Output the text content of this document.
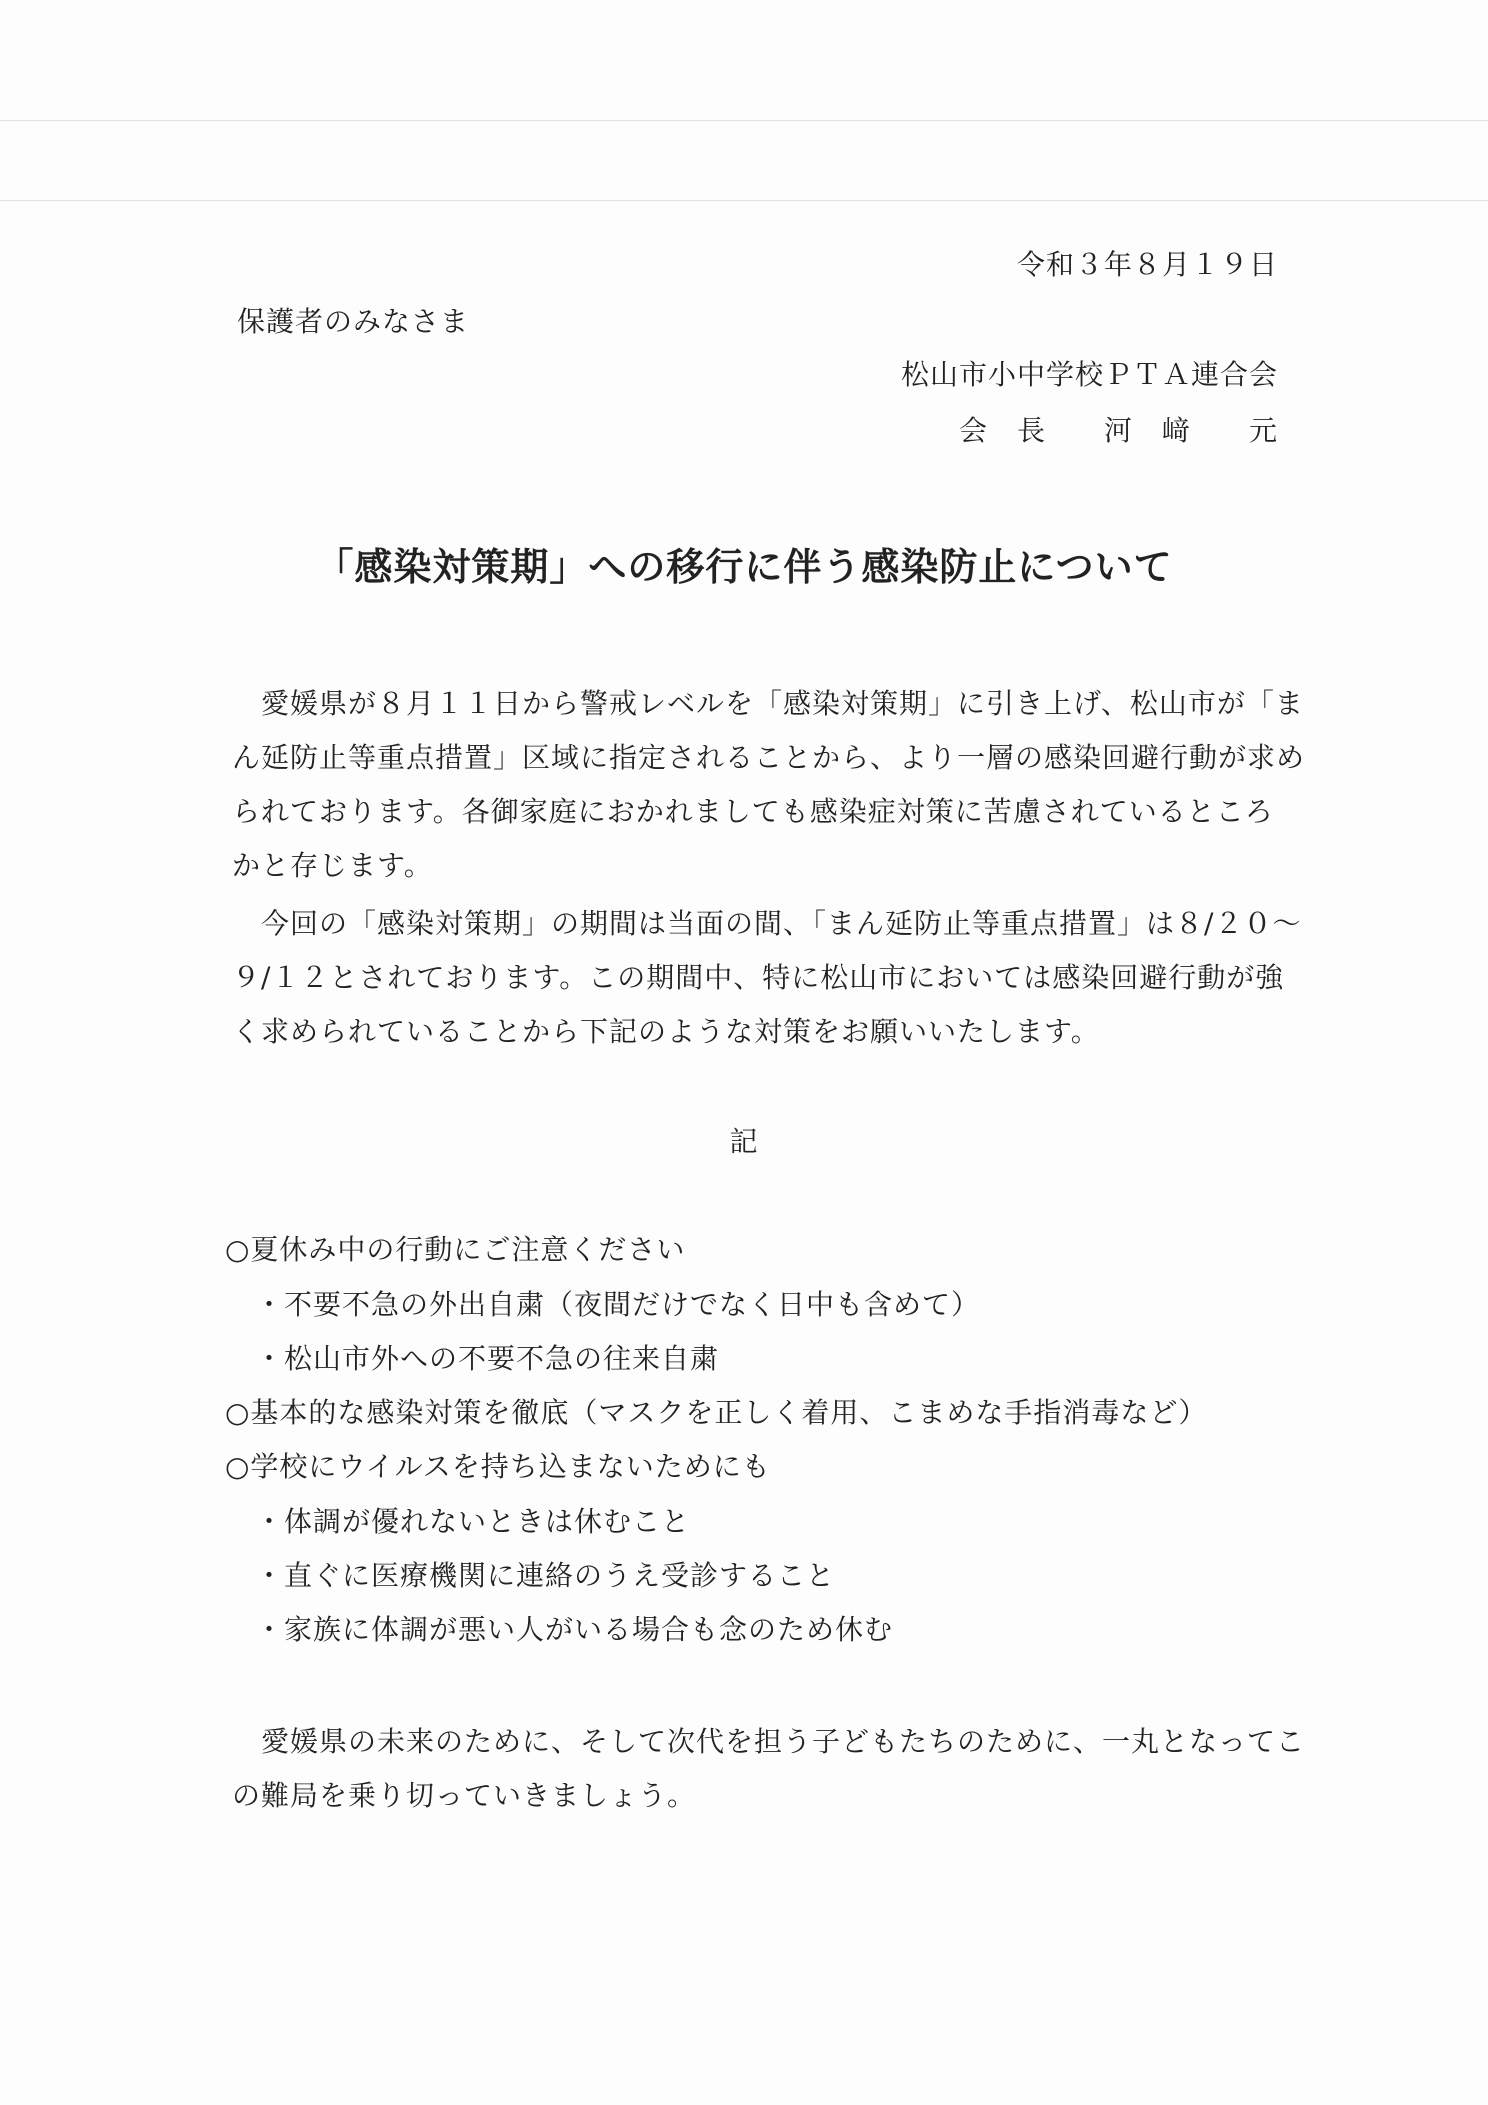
令和３年８月１９日
保護者のみなさま
松山市小中学校ＰＴＡ連合会
会　長　　河　﨑　　元
「感染対策期」への移行に伴う感染防止について
　愛媛県が８月１１日から警戒レベルを「感染対策期」に引き上げ、松山市が「ま
ん延防止等重点措置」区域に指定されることから、より一層の感染回避行動が求め
られております。各御家庭におかれましても感染症対策に苦慮されているところ
かと存じます。
　今回の「感染対策期」の期間は当面の間、「まん延防止等重点措置」は８/２０～
９/１２とされております。この期間中、特に松山市においては感染回避行動が強
く求められていることから下記のような対策をお願いいたします。
記
○夏休み中の行動にご注意ください
・不要不急の外出自粛（夜間だけでなく日中も含めて）
・松山市外への不要不急の往来自粛
○基本的な感染対策を徹底（マスクを正しく着用、こまめな手指消毒など）
○学校にウイルスを持ち込まないためにも
・体調が優れないときは休むこと
・直ぐに医療機関に連絡のうえ受診すること
・家族に体調が悪い人がいる場合も念のため休む
　愛媛県の未来のために、そして次代を担う子どもたちのために、一丸となってこ
の難局を乗り切っていきましょう。
